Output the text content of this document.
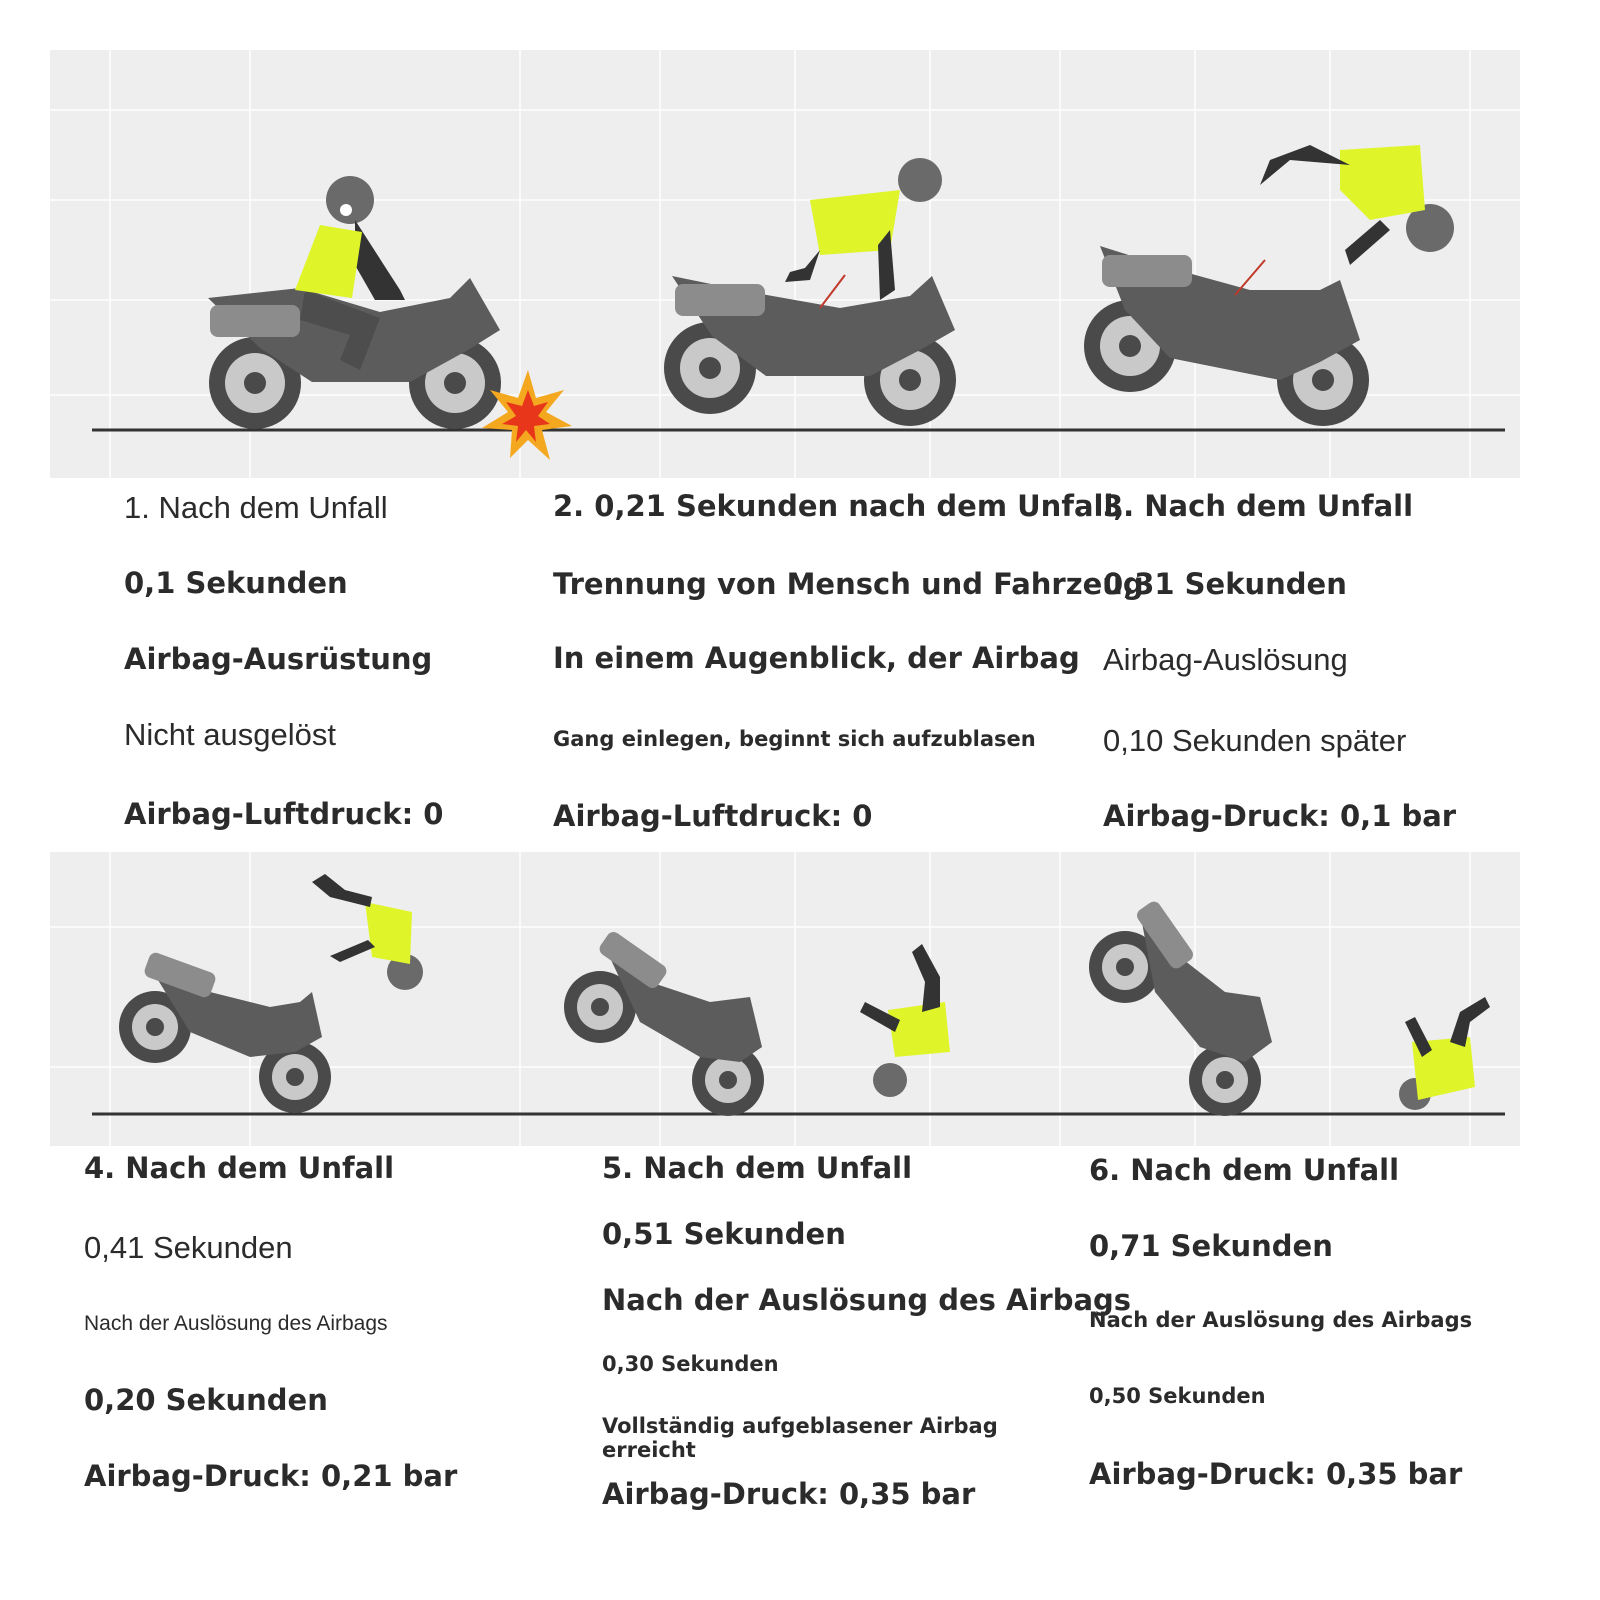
1. Nach dem Unfall
0,1 Sekunden
Airbag-Ausrüstung
Nicht ausgelöst
Airbag-Luftdruck: 0
2. 0,21 Sekunden nach dem Unfall,
Trennung von Mensch und Fahrzeug
In einem Augenblick, der Airbag
Gang einlegen, beginnt sich aufzublasen
Airbag-Luftdruck: 0
3. Nach dem Unfall
0,31 Sekunden
Airbag-Auslösung
0,10 Sekunden später
Airbag-Druck: 0,1 bar
4. Nach dem Unfall
0,41 Sekunden
Nach der Auslösung des Airbags
0,20 Sekunden
Airbag-Druck: 0,21 bar
5. Nach dem Unfall
0,51 Sekunden
Nach der Auslösung des Airbags
0,30 Sekunden
Vollständig aufgeblasener Airbag erreicht
Airbag-Druck: 0,35 bar
6. Nach dem Unfall
0,71 Sekunden
Nach der Auslösung des Airbags
0,50 Sekunden
Airbag-Druck: 0,35 bar
